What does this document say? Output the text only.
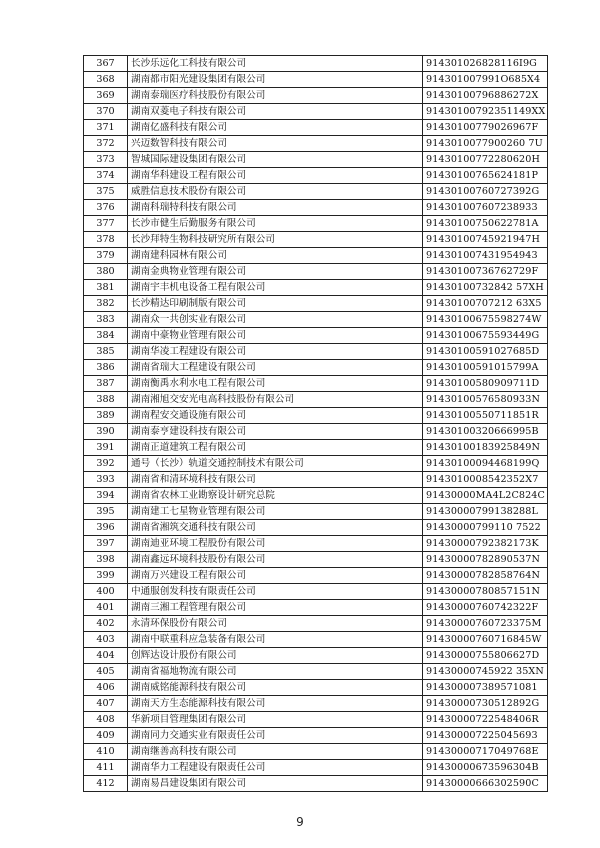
367	长沙乐远化工科技有限公司	914301026828116I9G
368	湖南都市阳光建设集团有限公司	914301007991O685X4
369	湖南泰瑞医疗科技股份有限公司	91430100796886272X
370	湖南双菱电子科技有限公司	91430100792351149XX
371	湖南亿盛科技有限公司	91430100779026967F
372	兴迈数智科技有限公司	9143010077900260 7U
373	智城国际建设集团有限公司	91430100772280620H
374	湖南华科建设工程有限公司	91430100765624181P
375	威胜信息技术股份有限公司	91430100760727392G
376	湖南科瑞特科技有限公司	914301007607238933
377	长沙市健生后勤服务有限公司	91430100750622781A
378	长沙拜特生物科技研究所有限公司	91430100745921947H
379	湖南建科园林有限公司	914301007431954943
380	湖南金典物业管理有限公司	91430100736762729F
381	湖南宇丰机电设备工程有限公司	91430100732842 57XH
382	长沙精达印刷制版有限公司	91430100707212 63X5
383	湖南众一共创实业有限公司	91430100675598274W
384	湖南中豪物业管理有限公司	91430100675593449G
385	湖南华凌工程建设有限公司	91430100591027685D
386	湖南省瑞大工程建设有限公司	91430100591015799A
387	湖南衡禹水利水电工程有限公司	91430100580909711D
388	湖南湘旭交安光电高科技股份有限公司	91430100576580933N
389	湖南程安交通设施有限公司	91430100550711851R
390	湖南泰亨建设科技有限公司	91430100320666995B
391	湖南正道建筑工程有限公司	91430100183925849N
392	通号（长沙）轨道交通控制技术有限公司	91430100094468199Q
393	湖南省和清环境科技有限公司	9143010008542352X7
394	湖南省农林工业勘察设计研究总院	91430000MA4L2C824C
395	湖南建工七星物业管理有限公司	91430000799138288L
396	湖南省湘筑交通科技有限公司	91430000799110 7522
397	湖南迪亚环境工程股份有限公司	91430000792382173K
398	湖南鑫远环境科技股份有限公司	91430000782890537N
399	湖南万兴建设工程有限公司	91430000782858764N
400	中通服创发科技有限责任公司	91430000780857151N
401	湖南三湘工程管理有限公司	91430000760742322F
402	永清环保股份有限公司	91430000760723375M
403	湖南中联重科应急装备有限公司	91430000760716845W
404	创辉达设计股份有限公司	91430000755806627D
405	湖南省福地物流有限公司	91430000745922 35XN
406	湖南威铭能源科技有限公司	914300007389571081
407	湖南天方生态能源科技有限公司	91430000730512892G
408	华新项目管理集团有限公司	91430000722548406R
409	湖南同力交通实业有限责任公司	914300007225045693
410	湖南继善高科技有限公司	91430000717049768E
411	湖南华力工程建设有限责任公司	91430000673596304B
412	湖南易昌建设集团有限公司	91430000666302590C
9
